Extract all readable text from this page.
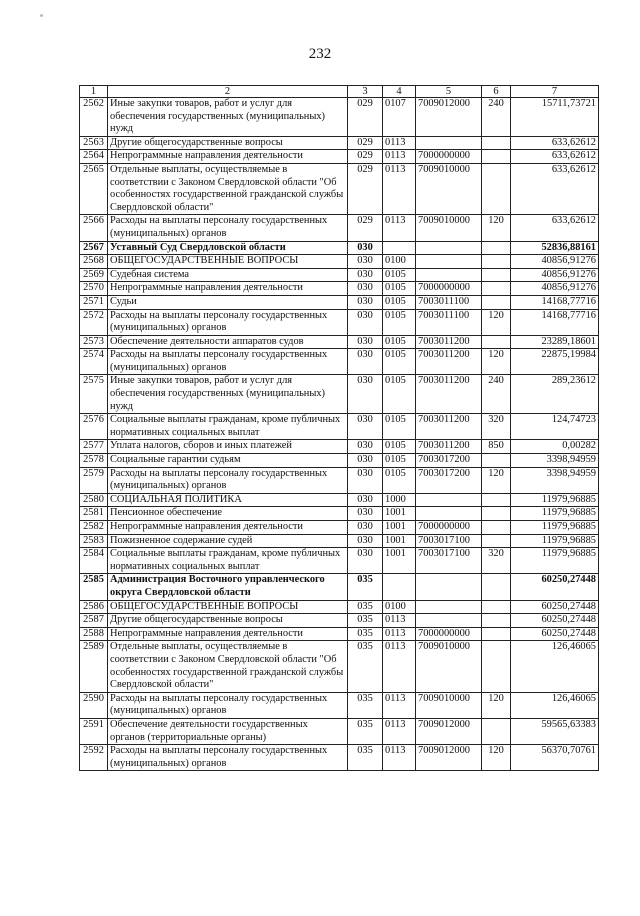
232
1	2	3	4	5	6	7
2562	Иные закупки товаров, работ и услуг для обеспечения государственных (муниципальных) нужд	029	0107	7009012000	240	15711,73721
2563	Другие общегосударственные вопросы	029	0113			633,62612
2564	Непрограммные направления деятельности	029	0113	7000000000		633,62612
2565	Отдельные выплаты, осуществляемые в соответствии с Законом Свердловской области "Об особенностях государственной гражданской службы Свердловской области"	029	0113	7009010000		633,62612
2566	Расходы на выплаты персоналу государственных (муниципальных) органов	029	0113	7009010000	120	633,62612
2567	Уставный Суд Свердловской области	030				52836,88161
2568	ОБЩЕГОСУДАРСТВЕННЫЕ ВОПРОСЫ	030	0100			40856,91276
2569	Судебная система	030	0105			40856,91276
2570	Непрограммные направления деятельности	030	0105	7000000000		40856,91276
2571	Судьи	030	0105	7003011100		14168,77716
2572	Расходы на выплаты персоналу государственных (муниципальных) органов	030	0105	7003011100	120	14168,77716
2573	Обеспечение деятельности аппаратов судов	030	0105	7003011200		23289,18601
2574	Расходы на выплаты персоналу государственных (муниципальных) органов	030	0105	7003011200	120	22875,19984
2575	Иные закупки товаров, работ и услуг для обеспечения государственных (муниципальных) нужд	030	0105	7003011200	240	289,23612
2576	Социальные выплаты гражданам, кроме публичных нормативных социальных выплат	030	0105	7003011200	320	124,74723
2577	Уплата налогов, сборов и иных платежей	030	0105	7003011200	850	0,00282
2578	Социальные гарантии судьям	030	0105	7003017200		3398,94959
2579	Расходы на выплаты персоналу государственных (муниципальных) органов	030	0105	7003017200	120	3398,94959
2580	СОЦИАЛЬНАЯ ПОЛИТИКА	030	1000			11979,96885
2581	Пенсионное обеспечение	030	1001			11979,96885
2582	Непрограммные направления деятельности	030	1001	7000000000		11979,96885
2583	Пожизненное содержание судей	030	1001	7003017100		11979,96885
2584	Социальные выплаты гражданам, кроме публичных нормативных социальных выплат	030	1001	7003017100	320	11979,96885
2585	Администрация Восточного управленческого округа Свердловской области	035				60250,27448
2586	ОБЩЕГОСУДАРСТВЕННЫЕ ВОПРОСЫ	035	0100			60250,27448
2587	Другие общегосударственные вопросы	035	0113			60250,27448
2588	Непрограммные направления деятельности	035	0113	7000000000		60250,27448
2589	Отдельные выплаты, осуществляемые в соответствии с Законом Свердловской области "Об особенностях государственной гражданской службы Свердловской области"	035	0113	7009010000		126,46065
2590	Расходы на выплаты персоналу государственных (муниципальных) органов	035	0113	7009010000	120	126,46065
2591	Обеспечение деятельности государственных органов (территориальные органы)	035	0113	7009012000		59565,63383
2592	Расходы на выплаты персоналу государственных (муниципальных) органов	035	0113	7009012000	120	56370,70761
